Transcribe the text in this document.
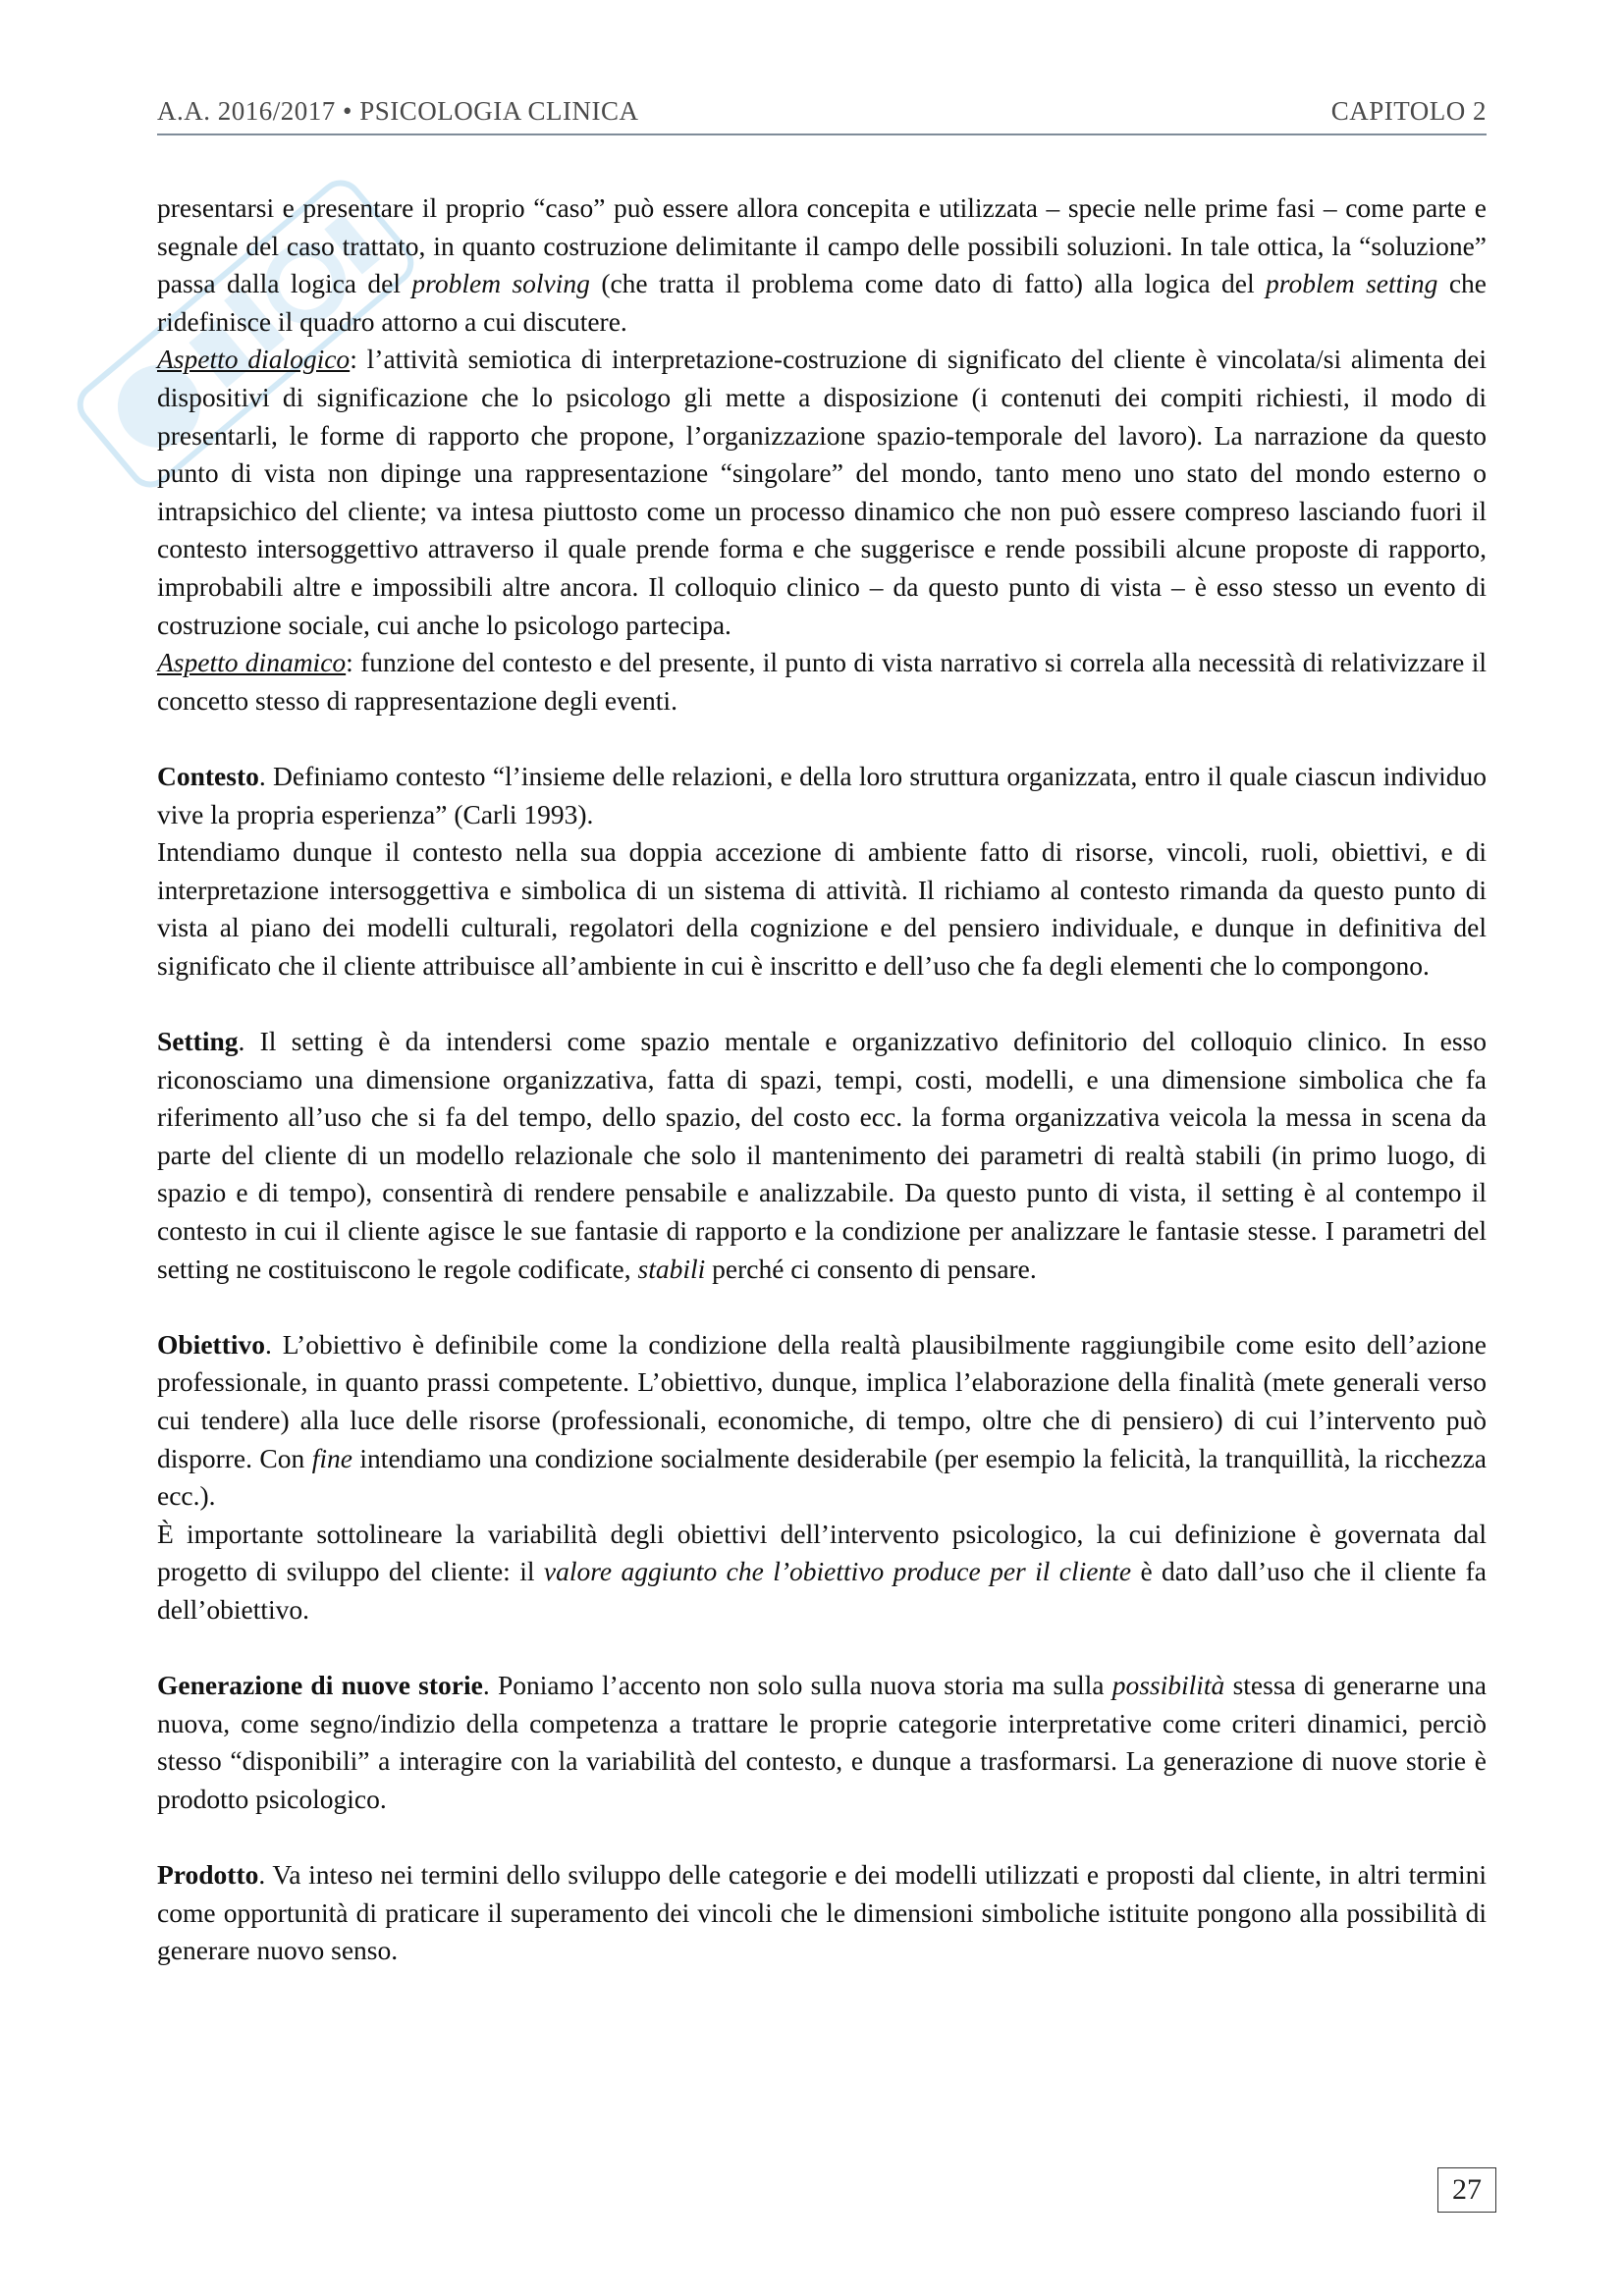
A.A. 2016/2017 • PSICOLOGIA CLINICA	CAPITOLO 2

presentarsi e presentare il proprio “caso” può essere allora concepita e utilizzata – specie nelle prime fasi – come parte e segnale del caso trattato, in quanto costruzione delimitante il campo delle possibili soluzioni. In tale ottica, la “soluzione” passa dalla logica del problem solving (che tratta il problema come dato di fatto) alla logica del problem setting che ridefinisce il quadro attorno a cui discutere.

Aspetto dialogico: l’attività semiotica di interpretazione-costruzione di significato del cliente è vincolata/si alimenta dei dispositivi di significazione che lo psicologo gli mette a disposizione (i contenuti dei compiti richiesti, il modo di presentarli, le forme di rapporto che propone, l’organizzazione spazio-temporale del lavoro). La narrazione da questo punto di vista non dipinge una rappresentazione “singolare” del mondo, tanto meno uno stato del mondo esterno o intrapsichico del cliente; va intesa piuttosto come un processo dinamico che non può essere compreso lasciando fuori il contesto intersoggettivo attraverso il quale prende forma e che suggerisce e rende possibili alcune proposte di rapporto, improbabili altre e impossibili altre ancora. Il colloquio clinico – da questo punto di vista – è esso stesso un evento di costruzione sociale, cui anche lo psicologo partecipa.

Aspetto dinamico: funzione del contesto e del presente, il punto di vista narrativo si correla alla necessità di relativizzare il concetto stesso di rappresentazione degli eventi.

Contesto. Definiamo contesto “l’insieme delle relazioni, e della loro struttura organizzata, entro il quale ciascun individuo vive la propria esperienza” (Carli 1993).

Intendiamo dunque il contesto nella sua doppia accezione di ambiente fatto di risorse, vincoli, ruoli, obiettivi, e di interpretazione intersoggettiva e simbolica di un sistema di attività. Il richiamo al contesto rimanda da questo punto di vista al piano dei modelli culturali, regolatori della cognizione e del pensiero individuale, e dunque in definitiva del significato che il cliente attribuisce all’ambiente in cui è inscritto e dell’uso che fa degli elementi che lo compongono.

Setting. Il setting è da intendersi come spazio mentale e organizzativo definitorio del colloquio clinico. In esso riconosciamo una dimensione organizzativa, fatta di spazi, tempi, costi, modelli, e una dimensione simbolica che fa riferimento all’uso che si fa del tempo, dello spazio, del costo ecc. la forma organizzativa veicola la messa in scena da parte del cliente di un modello relazionale che solo il mantenimento dei parametri di realtà stabili (in primo luogo, di spazio e di tempo), consentirà di rendere pensabile e analizzabile. Da questo punto di vista, il setting è al contempo il contesto in cui il cliente agisce le sue fantasie di rapporto e la condizione per analizzare le fantasie stesse. I parametri del setting ne costituiscono le regole codificate, stabili perché ci consento di pensare.

Obiettivo. L’obiettivo è definibile come la condizione della realtà plausibilmente raggiungibile come esito dell’azione professionale, in quanto prassi competente. L’obiettivo, dunque, implica l’elaborazione della finalità (mete generali verso cui tendere) alla luce delle risorse (professionali, economiche, di tempo, oltre che di pensiero) di cui l’intervento può disporre. Con fine intendiamo una condizione socialmente desiderabile (per esempio la felicità, la tranquillità, la ricchezza ecc.).

È importante sottolineare la variabilità degli obiettivi dell’intervento psicologico, la cui definizione è governata dal progetto di sviluppo del cliente: il valore aggiunto che l’obiettivo produce per il cliente è dato dall’uso che il cliente fa dell’obiettivo.

Generazione di nuove storie. Poniamo l’accento non solo sulla nuova storia ma sulla possibilità stessa di generarne una nuova, come segno/indizio della competenza a trattare le proprie categorie interpretative come criteri dinamici, perciò stesso “disponibili” a interagire con la variabilità del contesto, e dunque a trasformarsi. La generazione di nuove storie è prodotto psicologico.

Prodotto. Va inteso nei termini dello sviluppo delle categorie e dei modelli utilizzati e proposti dal cliente, in altri termini come opportunità di praticare il superamento dei vincoli che le dimensioni simboliche istituite pongono alla possibilità di generare nuovo senso.

27
